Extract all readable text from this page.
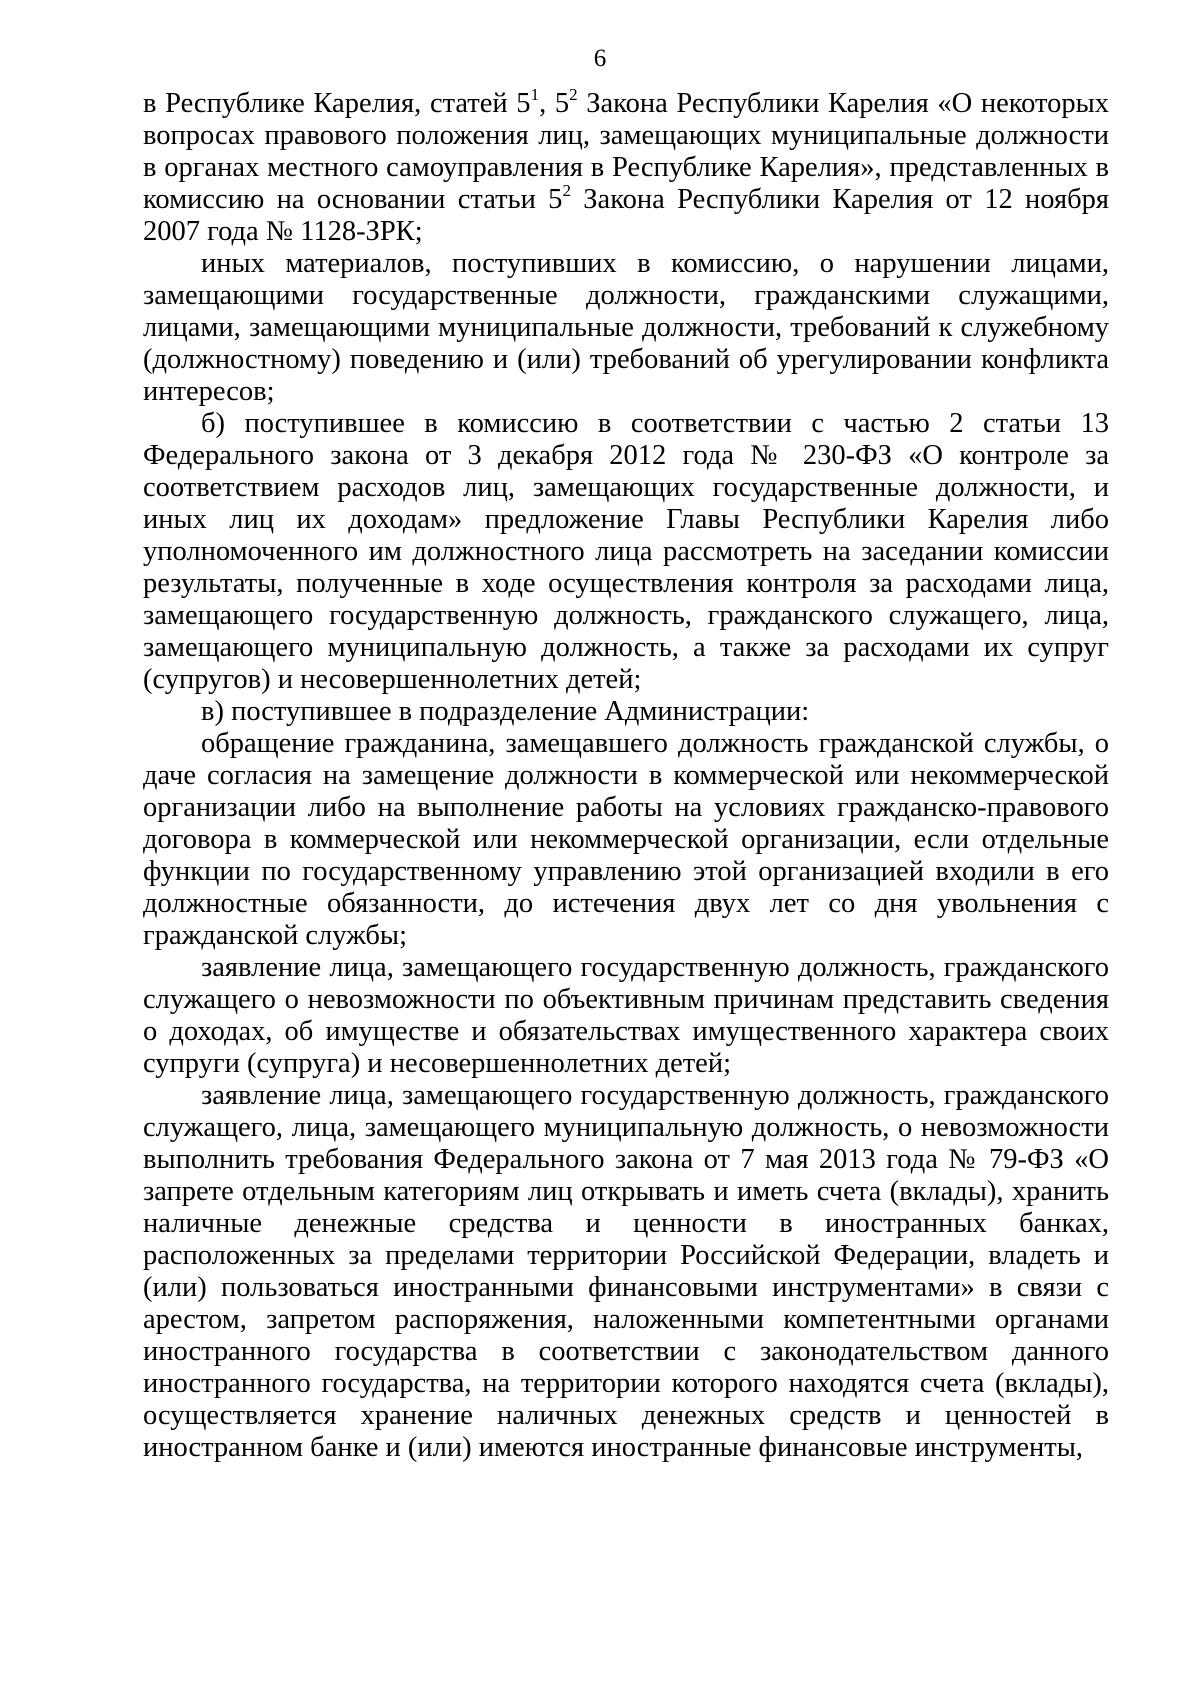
6

в Республике Карелия, статей $5^1$, $5^2$ Закона Республики Карелия «О некоторых вопросах правового положения лиц, замещающих муниципальные должности в органах местного самоуправления в Республике Карелия», представленных в комиссию на основании статьи $5^2$ Закона Республики Карелия от 12 ноября 2007 года № 1128-ЗРК;

иных материалов, поступивших в комиссию, о нарушении лицами, замещающими государственные должности, гражданскими служащими, лицами, замещающими муниципальные должности, требований к служебному (должностному) поведению и (или) требований об урегулировании конфликта интересов;

б) поступившее в комиссию в соответствии с частью 2 статьи 13 Федерального закона от 3 декабря 2012 года № 230-ФЗ «О контроле за соответствием расходов лиц, замещающих государственные должности, и иных лиц их доходам» предложение Главы Республики Карелия либо уполномоченного им должностного лица рассмотреть на заседании комиссии результаты, полученные в ходе осуществления контроля за расходами лица, замещающего государственную должность, гражданского служащего, лица, замещающего муниципальную должность, а также за расходами их супруг (супругов) и несовершеннолетних детей;

в) поступившее в подразделение Администрации:

обращение гражданина, замещавшего должность гражданской службы, о даче согласия на замещение должности в коммерческой или некоммерческой организации либо на выполнение работы на условиях гражданско-правового договора в коммерческой или некоммерческой организации, если отдельные функции по государственному управлению этой организацией входили в его должностные обязанности, до истечения двух лет со дня увольнения с гражданской службы;

заявление лица, замещающего государственную должность, гражданского служащего о невозможности по объективным причинам представить сведения о доходах, об имуществе и обязательствах имущественного характера своих супруги (супруга) и несовершеннолетних детей;

заявление лица, замещающего государственную должность, гражданского служащего, лица, замещающего муниципальную должность, о невозможности выполнить требования Федерального закона от 7 мая 2013 года № 79-ФЗ «О запрете отдельным категориям лиц открывать и иметь счета (вклады), хранить наличные денежные средства и ценности в иностранных банках, расположенных за пределами территории Российской Федерации, владеть и (или) пользоваться иностранными финансовыми инструментами» в связи с арестом, запретом распоряжения, наложенными компетентными органами иностранного государства в соответствии с законодательством данного иностранного государства, на территории которого находятся счета (вклады), осуществляется хранение наличных денежных средств и ценностей в иностранном банке и (или) имеются иностранные финансовые инструменты,
